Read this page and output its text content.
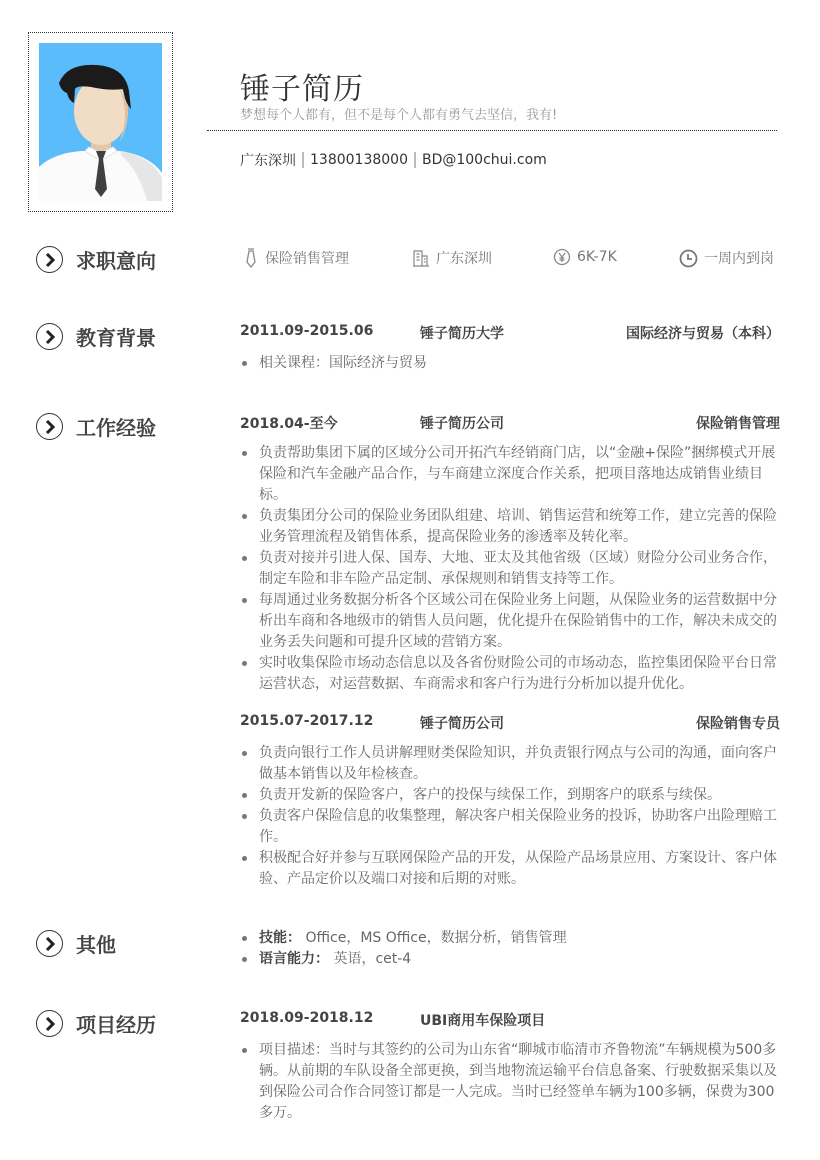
锤子简历
梦想每个人都有，但不是每个人都有勇气去坚信，我有!
广东深圳 13800138000 BD@100chui.com
求职意向	保险销售管理	广东深圳	6K-7K	一周内到岗
教育背景	2011.09-2015.06	锤子简历大学	国际经济与贸易（本科）
相关课程：国际经济与贸易
工作经验	2018.04-至今	锤子简历公司	保险销售管理
负责帮助集团下属的区域分公司开拓汽车经销商门店，以“金融+保险”捆绑模式开展保险和汽车金融产品合作，与车商建立深度合作关系，把项目落地达成销售业绩目标。
负责集团分公司的保险业务团队组建、培训、销售运营和统筹工作，建立完善的保险业务管理流程及销售体系，提高保险业务的渗透率及转化率。
负责对接并引进人保、国寿、大地、亚太及其他省级（区域）财险分公司业务合作，制定车险和非车险产品定制、承保规则和销售支持等工作。
每周通过业务数据分析各个区域公司在保险业务上问题，从保险业务的运营数据中分析出车商和各地级市的销售人员问题，优化提升在保险销售中的工作，解决未成交的业务丢失问题和可提升区域的营销方案。
实时收集保险市场动态信息以及各省份财险公司的市场动态，监控集团保险平台日常运营状态，对运营数据、车商需求和客户行为进行分析加以提升优化。
2015.07-2017.12	锤子简历公司	保险销售专员
负责向银行工作人员讲解理财类保险知识，并负责银行网点与公司的沟通，面向客户做基本销售以及年检核查。
负责开发新的保险客户，客户的投保与续保工作，到期客户的联系与续保。
负责客户保险信息的收集整理，解决客户相关保险业务的投诉，协助客户出险理赔工作。
积极配合好并参与互联网保险产品的开发，从保险产品场景应用、方案设计、客户体验、产品定价以及端口对接和后期的对账。
其他	技能： Office，MS Office，数据分析，销售管理
语言能力： 英语，cet-4
项目经历	2018.09-2018.12	UBI商用车保险项目
项目描述：当时与其签约的公司为山东省“聊城市临清市齐鲁物流”车辆规模为500多辆。从前期的车队设备全部更换，到当地物流运输平台信息备案、行驶数据采集以及到保险公司合作合同签订都是一人完成。当时已经签单车辆为100多辆，保费为300多万。
